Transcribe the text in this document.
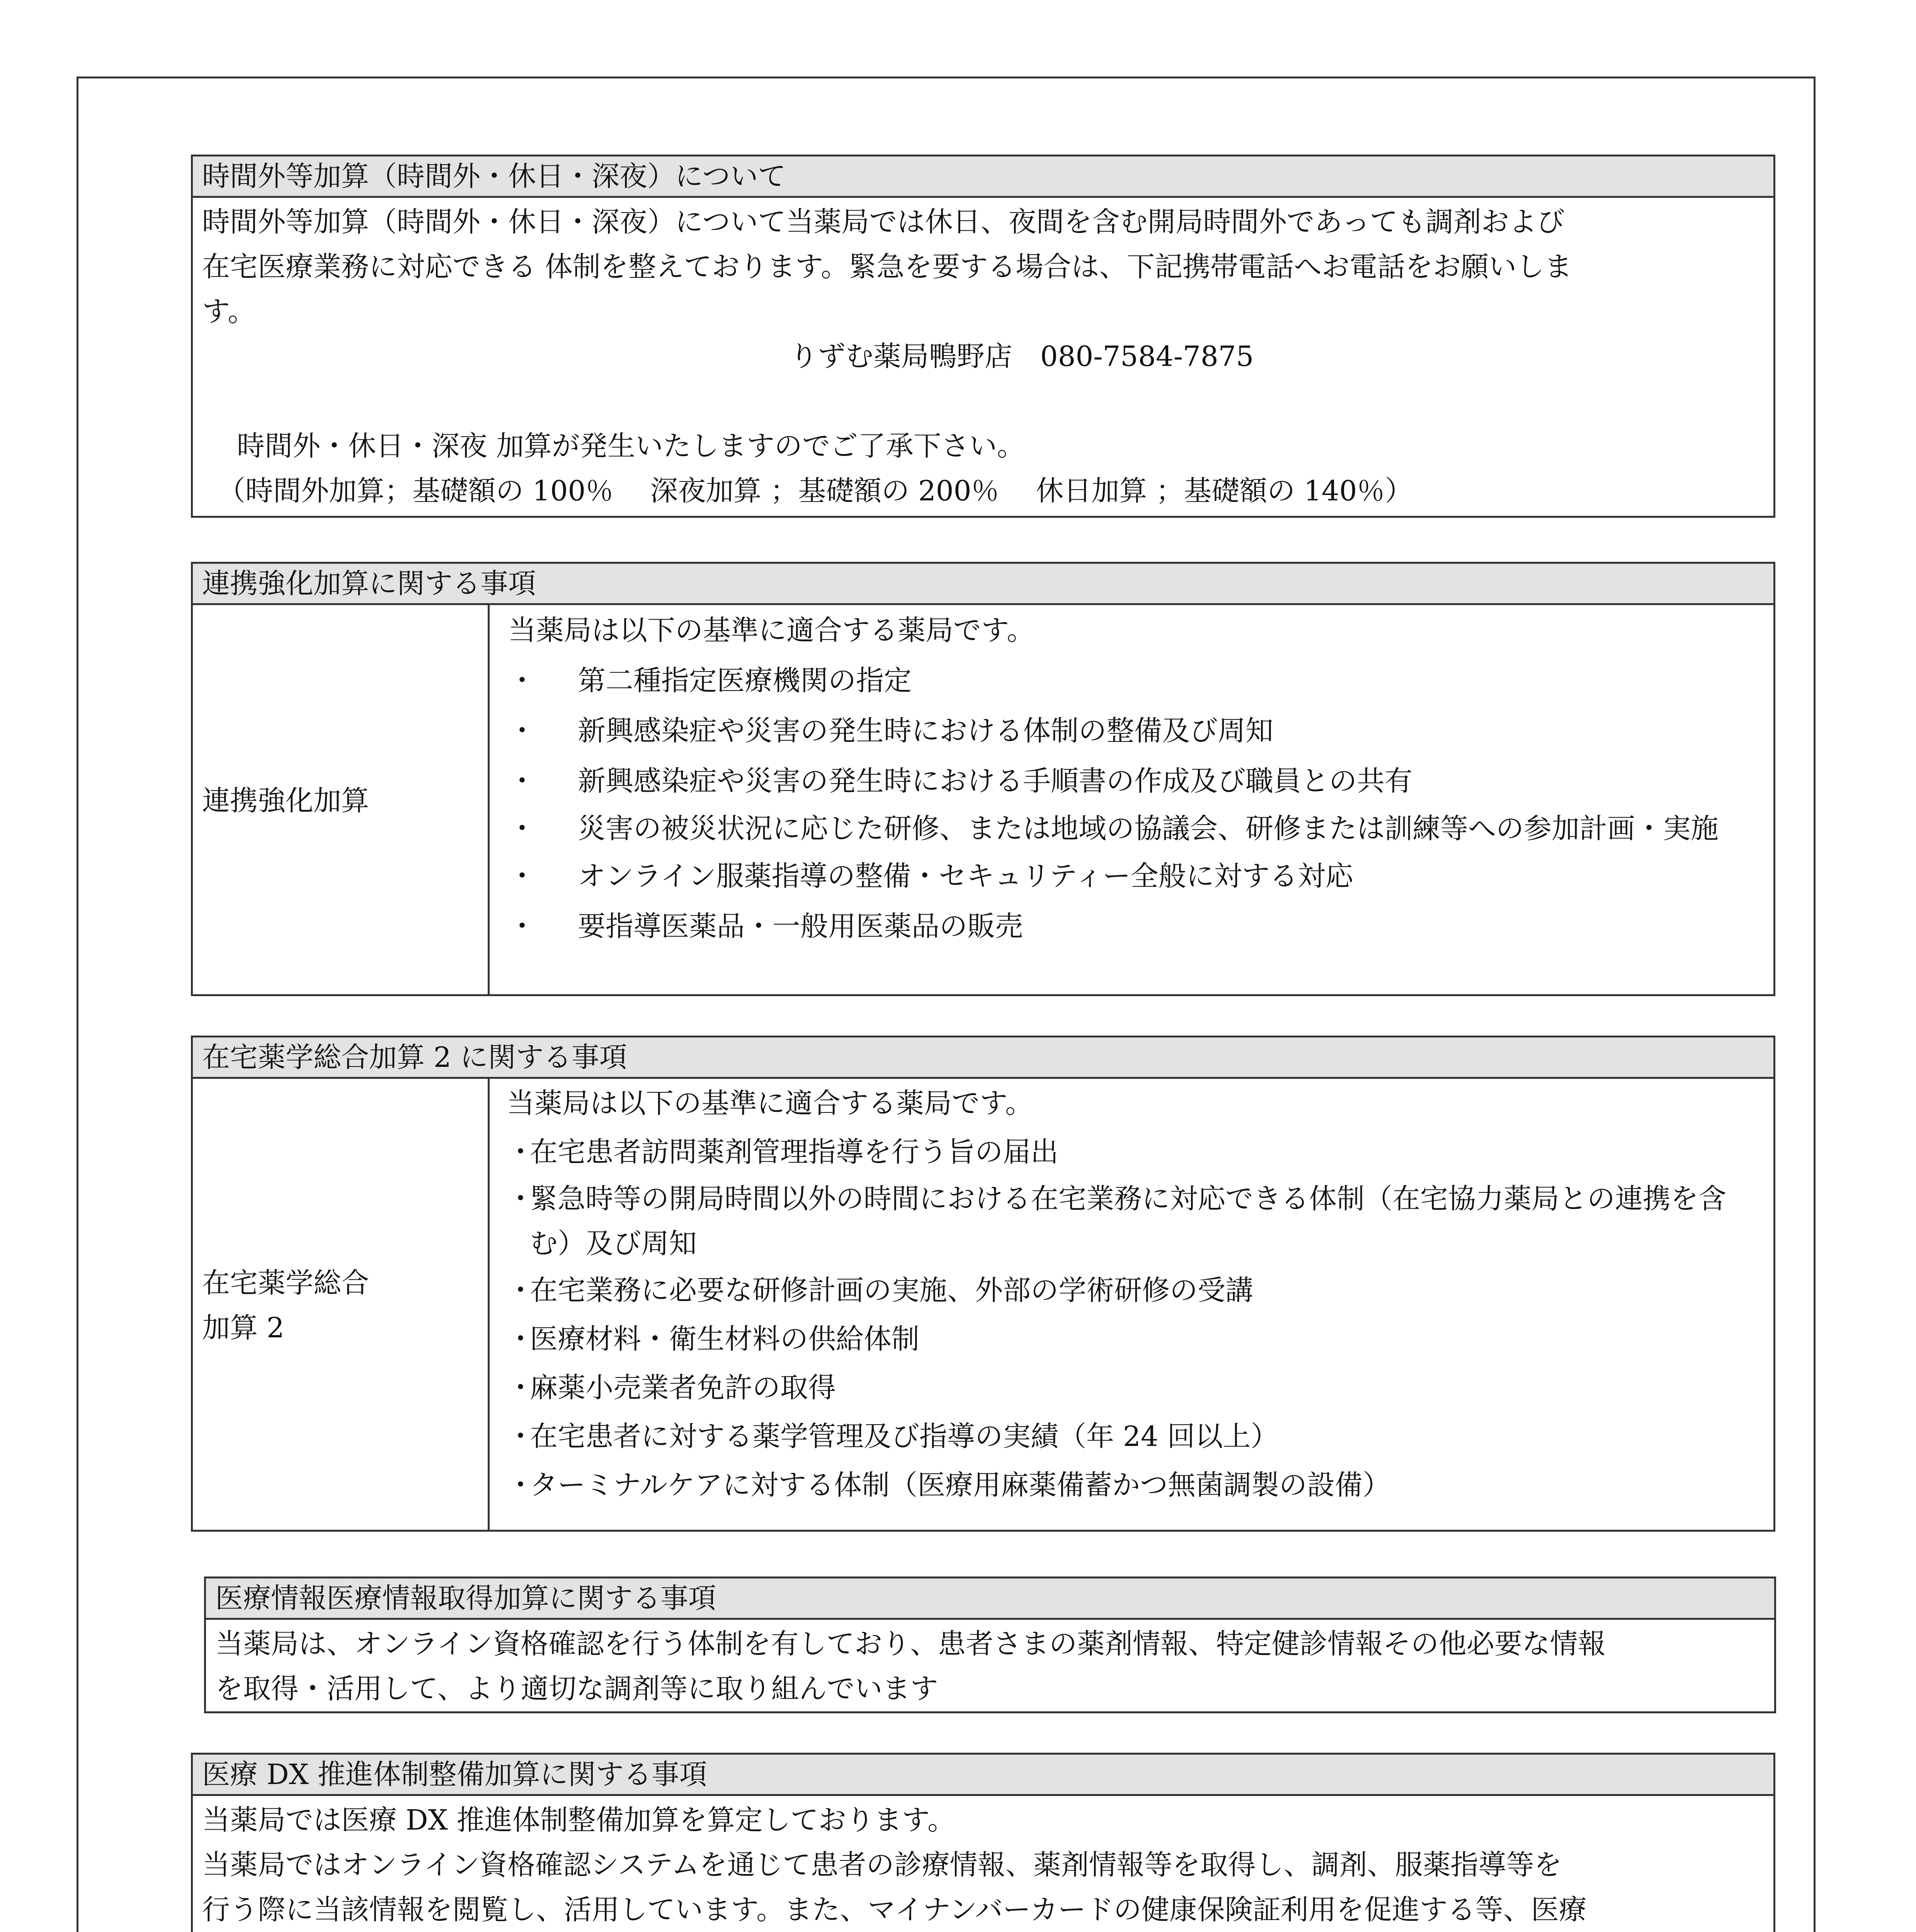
時間外等加算（時間外・休日・深夜）について
時間外等加算（時間外・休日・深夜）について当薬局では休日、夜間を含む開局時間外であっても調剤および
在宅医療業務に対応できる 体制を整えております。緊急を要する場合は、下記携帯電話へお電話をお願いしま
す。
りずむ薬局鴨野店　080-7584-7875
時間外・休日・深夜 加算が発生いたしますのでご了承下さい。
（時間外加算；基礎額の 100％　 深夜加算 ；基礎額の 200％　 休日加算 ；基礎額の 140％）
連携強化加算に関する事項
連携強化加算
当薬局は以下の基準に適合する薬局です。
・	第二種指定医療機関の指定
・	新興感染症や災害の発生時における体制の整備及び周知
・	新興感染症や災害の発生時における手順書の作成及び職員との共有
・	災害の被災状況に応じた研修、または地域の協議会、研修または訓練等への参加計画・実施
・	オンライン服薬指導の整備・セキュリティー全般に対する対応
・	要指導医薬品・一般用医薬品の販売
在宅薬学総合加算 2 に関する事項
在宅薬学総合
加算 2
当薬局は以下の基準に適合する薬局です。
・
在宅患者訪問薬剤管理指導を行う旨の届出
・
緊急時等の開局時間以外の時間における在宅業務に対応できる体制（在宅協力薬局との連携を含む）及び周知
・
在宅業務に必要な研修計画の実施、外部の学術研修の受講
・
医療材料・衛生材料の供給体制
・
麻薬小売業者免許の取得
・
在宅患者に対する薬学管理及び指導の実績（年 24 回以上）
・
ターミナルケアに対する体制（医療用麻薬備蓄かつ無菌調製の設備）
医療情報医療情報取得加算に関する事項
当薬局は、オンライン資格確認を行う体制を有しており、患者さまの薬剤情報、特定健診情報その他必要な情報
を取得・活用して、より適切な調剤等に取り組んでいます
医療 DX 推進体制整備加算に関する事項
当薬局では医療 DX 推進体制整備加算を算定しております。
当薬局ではオンライン資格確認システムを通じて患者の診療情報、薬剤情報等を取得し、調剤、服薬指導等を
行う際に当該情報を閲覧し、活用しています。また、マイナンバーカードの健康保険証利用を促進する等、医療
